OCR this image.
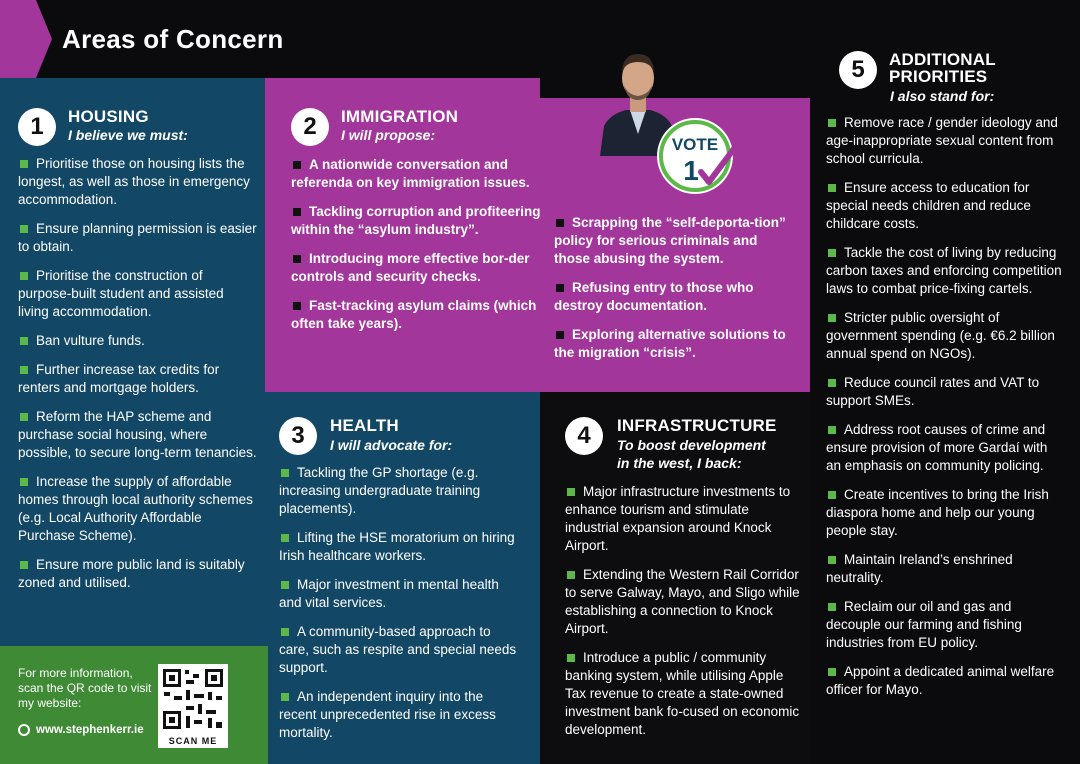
Areas of Concern
1	HOUSING
I believe we must:
Prioritise those on housing lists the longest, as well as those in emergency accommodation.
Ensure planning permission is easier to obtain.
Prioritise the construction of purpose-built student and assisted living accommodation.
Ban vulture funds.
Further increase tax credits for renters and mortgage holders.
Reform the HAP scheme and purchase social housing, where possible, to secure long-term tenancies.
Increase the supply of affordable homes through local authority schemes (e.g. Local Authority Affordable Purchase Scheme).
Ensure more public land is suitably zoned and utilised.
2	IMMIGRATION
I will propose:
A nationwide conversation and referenda on key immigration issues.
Tackling corruption and profiteering within the “asylum industry”.
Introducing more effective bor-der controls and security checks.
Fast-tracking asylum claims (which often take years).
Scrapping the “self-deporta-tion” policy for serious criminals and those abusing the system.
Refusing entry to those who destroy documentation.
Exploring alternative solutions to the migration “crisis”.
VOTE
1
3	HEALTH
I will advocate for:
Tackling the GP shortage (e.g. increasing undergraduate training placements).
Lifting the HSE moratorium on hiring Irish healthcare workers.
Major investment in mental health and vital services.
A community-based approach to care, such as respite and special needs support.
An independent inquiry into the recent unprecedented rise in excess mortality.
4	INFRASTRUCTURE
To boost development
in the west, I back:
Major infrastructure investments to enhance tourism and stimulate industrial expansion around Knock Airport.
Extending the Western Rail Corridor to serve Galway, Mayo, and Sligo while establishing a connection to Knock Airport.
Introduce a public / community banking system, while utilising Apple Tax revenue to create a state-owned investment bank fo-cused on economic development.
5	ADDITIONAL
PRIORITIES
I also stand for:
Remove race / gender ideology and age-inappropriate sexual content from school curricula.
Ensure access to education for special needs children and reduce childcare costs.
Tackle the cost of living by reducing carbon taxes and enforcing competition laws to combat price-fixing cartels.
Stricter public oversight of government spending (e.g. €6.2 billion annual spend on NGOs).
Reduce council rates and VAT to support SMEs.
Address root causes of crime and ensure provision of more Gardaí with an emphasis on community policing.
Create incentives to bring the Irish diaspora home and help our young people stay.
Maintain Ireland’s enshrined neutrality.
Reclaim our oil and gas and decouple our farming and fishing industries from EU policy.
Appoint a dedicated animal welfare officer for Mayo.
For more information, scan the QR code to visit my website:
www.stephenkerr.ie
SCAN ME
